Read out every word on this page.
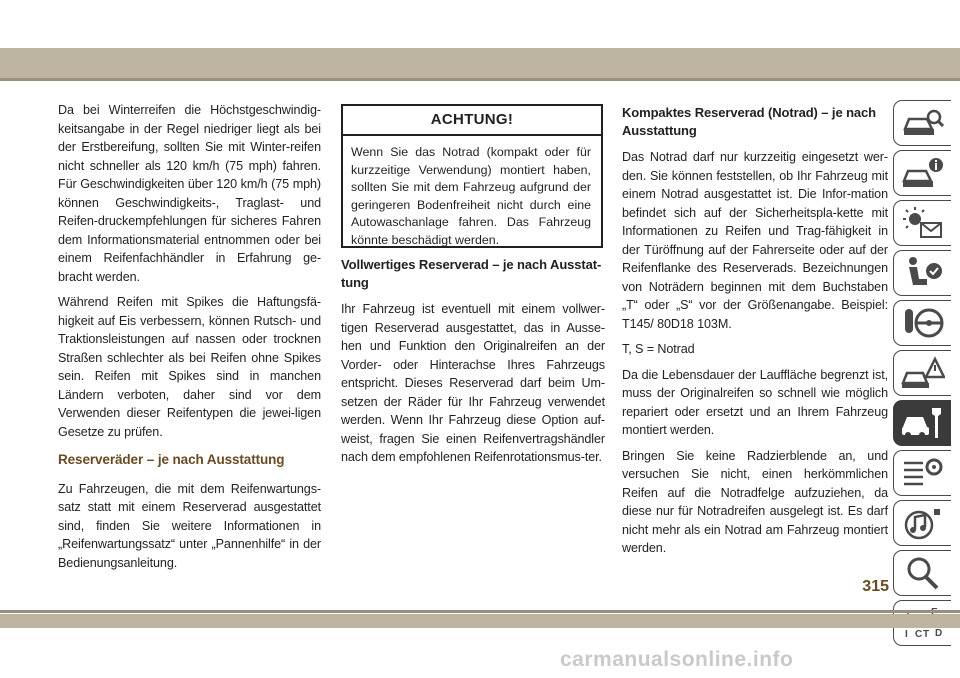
Da bei Winterreifen die Höchstgeschwindig-keitsangabe in der Regel niedriger liegt als bei der Erstbereifung, sollten Sie mit Winter-reifen nicht schneller als 120 km/h (75 mph) fahren. Für Geschwindigkeiten über 120 km/h (75 mph) können Geschwindigkeits-, Traglast- und Reifen-druckempfehlungen für sicheres Fahren dem Informationsmaterial entnommen oder bei einem Reifenfachhändler in Erfahrung ge-bracht werden.

Während Reifen mit Spikes die Haftungsfä-higkeit auf Eis verbessern, können Rutsch- und Traktionsleistungen auf nassen oder trocknen Straßen schlechter als bei Reifen ohne Spikes sein. Reifen mit Spikes sind in manchen Ländern verboten, daher sind vor dem Verwenden dieser Reifentypen die jewei-ligen Gesetze zu prüfen.

Reserveräder – je nach Ausstattung

Zu Fahrzeugen, die mit dem Reifenwartungs-satz statt mit einem Reserverad ausgestattet sind, finden Sie weitere Informationen in „Reifenwartungssatz“ unter „Pannenhilfe“ in der Bedienungsanleitung.

ACHTUNG!
Wenn Sie das Notrad (kompakt oder für kurzzeitige Verwendung) montiert haben, sollten Sie mit dem Fahrzeug aufgrund der geringeren Bodenfreiheit nicht durch eine Autowaschanlage fahren. Das Fahrzeug könnte beschädigt werden.
Vollwertiges Reserverad – je nach Ausstat-tung

Ihr Fahrzeug ist eventuell mit einem vollwer-tigen Reserverad ausgestattet, das in Ausse-hen und Funktion den Originalreifen an der Vorder- oder Hinterachse Ihres Fahrzeugs entspricht. Dieses Reserverad darf beim Um-setzen der Räder für Ihr Fahrzeug verwendet werden. Wenn Ihr Fahrzeug diese Option auf-weist, fragen Sie einen Reifenvertragshändler nach dem empfohlenen Reifenrotationsmus-ter.

Kompaktes Reserverad (Notrad) – je nach Ausstattung

Das Notrad darf nur kurzzeitig eingesetzt wer-den. Sie können feststellen, ob Ihr Fahrzeug mit einem Notrad ausgestattet ist. Die Infor-mation befindet sich auf der Sicherheitspla-kette mit Informationen zu Reifen und Trag-fähigkeit in der Türöffnung auf der Fahrerseite oder auf der Reifenflanke des Reserverads. Bezeichnungen von Noträdern beginnen mit dem Buchstaben „T“ oder „S“ vor der Größenangabe. Beispiel: T145/ 80D18 103M.

T, S = Notrad

Da die Lebensdauer der Lauffläche begrenzt ist, muss der Originalreifen so schnell wie möglich repariert oder ersetzt und an Ihrem Fahrzeug montiert werden.

Bringen Sie keine Radzierblende an, und versuchen Sie nicht, einen herkömmlichen Reifen auf die Notradfelge aufzuziehen, da diese nur für Notradreifen ausgelegt ist. Es darf nicht mehr als ein Notrad am Fahrzeug montiert werden.

I C T D
315
carmanualsonline.info
